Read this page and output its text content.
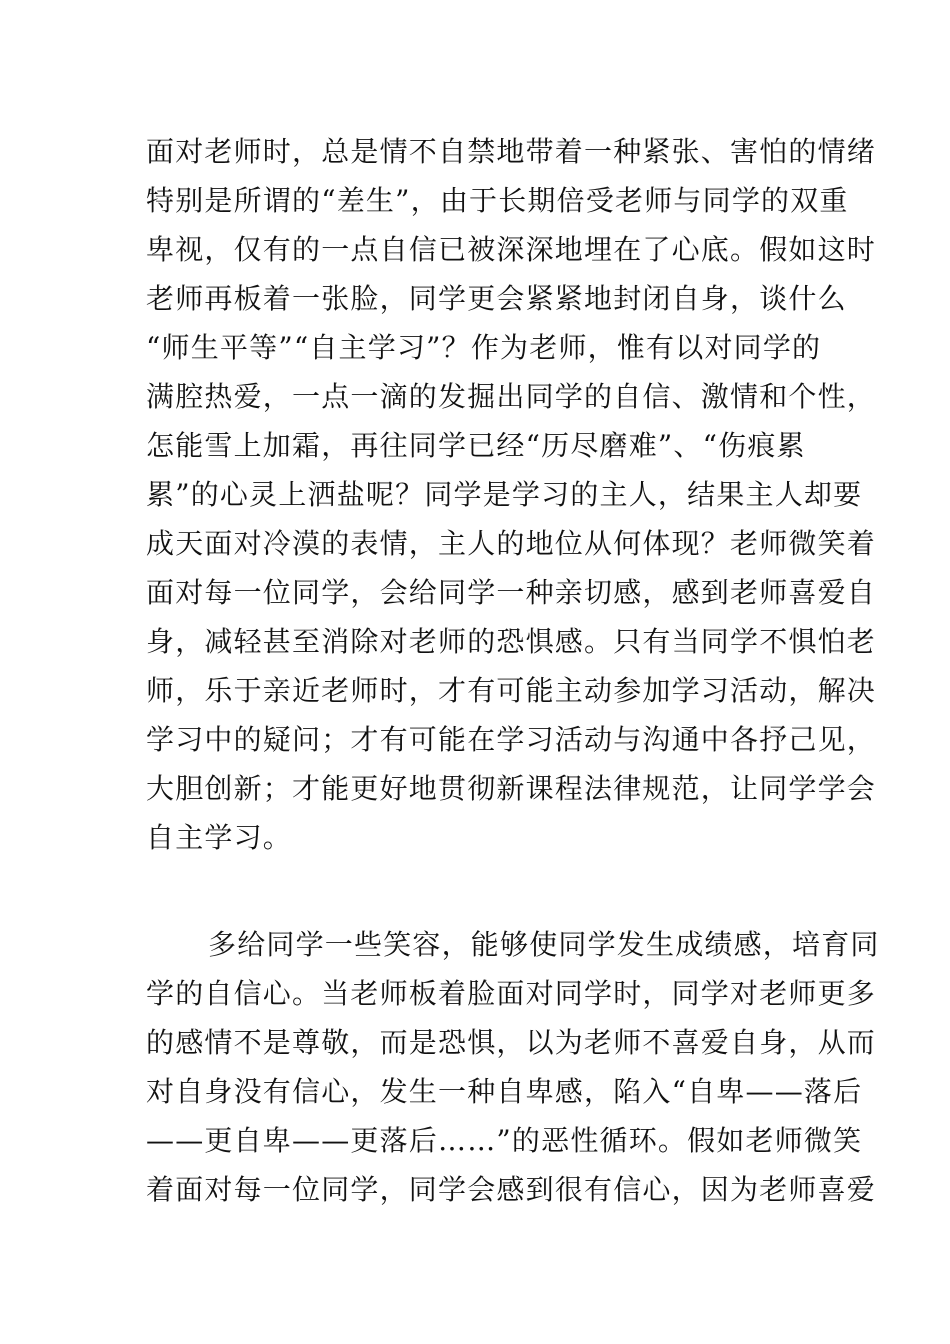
面对老师时，总是情不自禁地带着一种紧张、害怕的情绪
特别是所谓的“差生”，由于长期倍受老师与同学的双重
卑视，仅有的一点自信已被深深地埋在了心底。假如这时
老师再板着一张脸，同学更会紧紧地封闭自身，谈什么
“师生平等”“自主学习”？作为老师，惟有以对同学的
满腔热爱，一点一滴的发掘出同学的自信、激情和个性，
怎能雪上加霜，再往同学已经“历尽磨难”、“伤痕累
累”的心灵上洒盐呢？同学是学习的主人，结果主人却要
成天面对冷漠的表情，主人的地位从何体现？老师微笑着
面对每一位同学，会给同学一种亲切感，感到老师喜爱自
身，减轻甚至消除对老师的恐惧感。只有当同学不惧怕老
师，乐于亲近老师时，才有可能主动参加学习活动，解决
学习中的疑问；才有可能在学习活动与沟通中各抒己见，
大胆创新；才能更好地贯彻新课程法律规范，让同学学会
自主学习。
多给同学一些笑容，能够使同学发生成绩感，培育同
学的自信心。当老师板着脸面对同学时，同学对老师更多
的感情不是尊敬，而是恐惧，以为老师不喜爱自身，从而
对自身没有信心，发生一种自卑感，陷入“自卑——落后
——更自卑——更落后……”的恶性循环。假如老师微笑
着面对每一位同学，同学会感到很有信心，因为老师喜爱
